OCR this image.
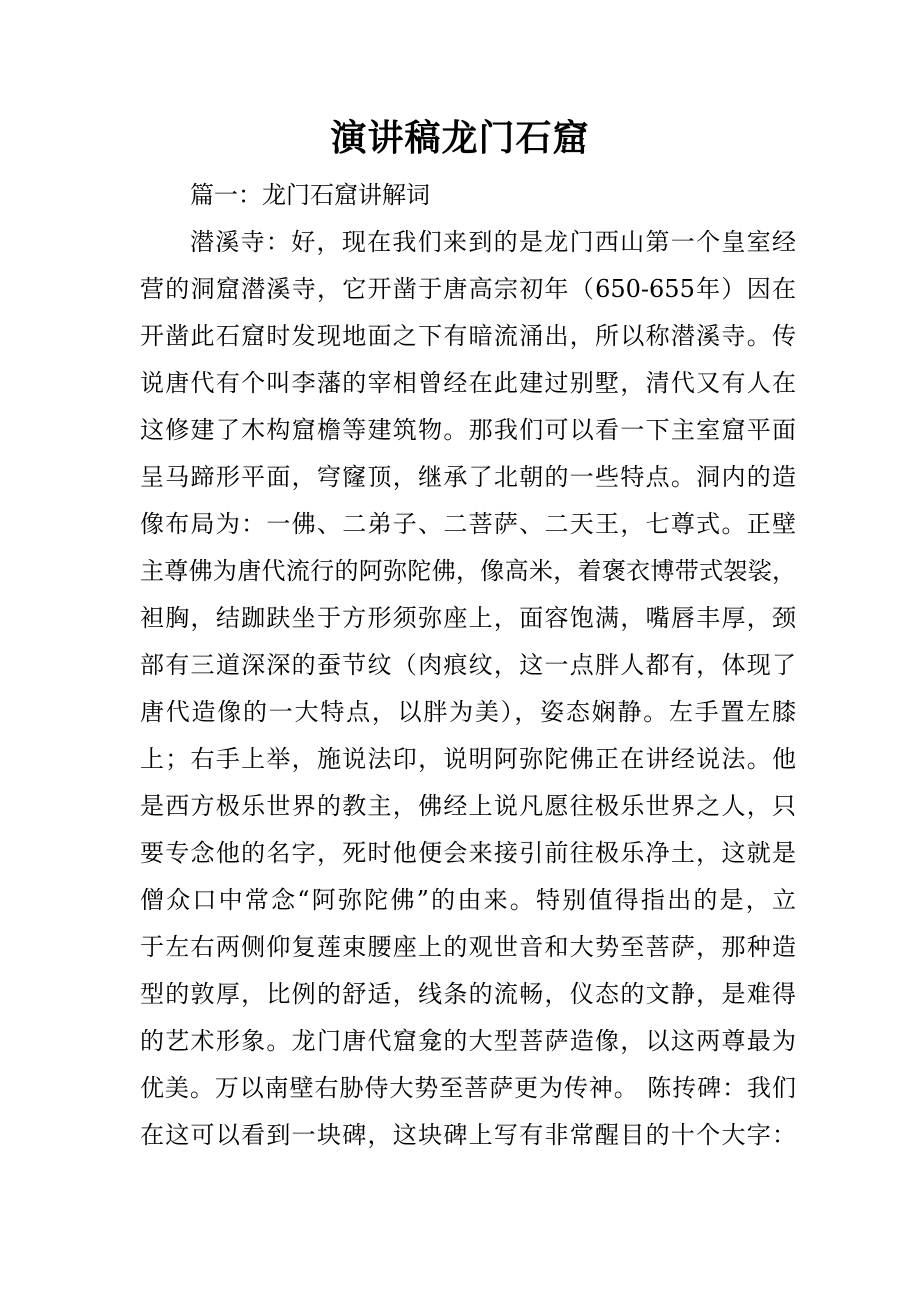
演讲稿龙门石窟
篇一：龙门石窟讲解词
潜溪寺：好，现在我们来到的是龙门西山第一个皇室经
营的洞窟潜溪寺，它开凿于唐高宗初年（650-655年）因在
开凿此石窟时发现地面之下有暗流涌出，所以称潜溪寺。传
说唐代有个叫李藩的宰相曾经在此建过别墅，清代又有人在
这修建了木构窟檐等建筑物。那我们可以看一下主室窟平面
呈马蹄形平面，穹窿顶，继承了北朝的一些特点。洞内的造
像布局为：一佛、二弟子、二菩萨、二天王，七尊式。正壁
主尊佛为唐代流行的阿弥陀佛，像高米，着褒衣博带式袈裟，
袒胸，结跏趺坐于方形须弥座上，面容饱满，嘴唇丰厚，颈
部有三道深深的蚕节纹（肉痕纹，这一点胖人都有，体现了
唐代造像的一大特点，以胖为美），姿态娴静。左手置左膝
上；右手上举，施说法印，说明阿弥陀佛正在讲经说法。他
是西方极乐世界的教主，佛经上说凡愿往极乐世界之人，只
要专念他的名字，死时他便会来接引前往极乐净土，这就是
僧众口中常念“阿弥陀佛”的由来。特别值得指出的是，立
于左右两侧仰复莲束腰座上的观世音和大势至菩萨，那种造
型的敦厚，比例的舒适，线条的流畅，仪态的文静，是难得
的艺术形象。龙门唐代窟龛的大型菩萨造像，以这两尊最为
优美。万以南壁右胁侍大势至菩萨更为传神。 陈抟碑：我们
在这可以看到一块碑，这块碑上写有非常醒目的十个大字：
